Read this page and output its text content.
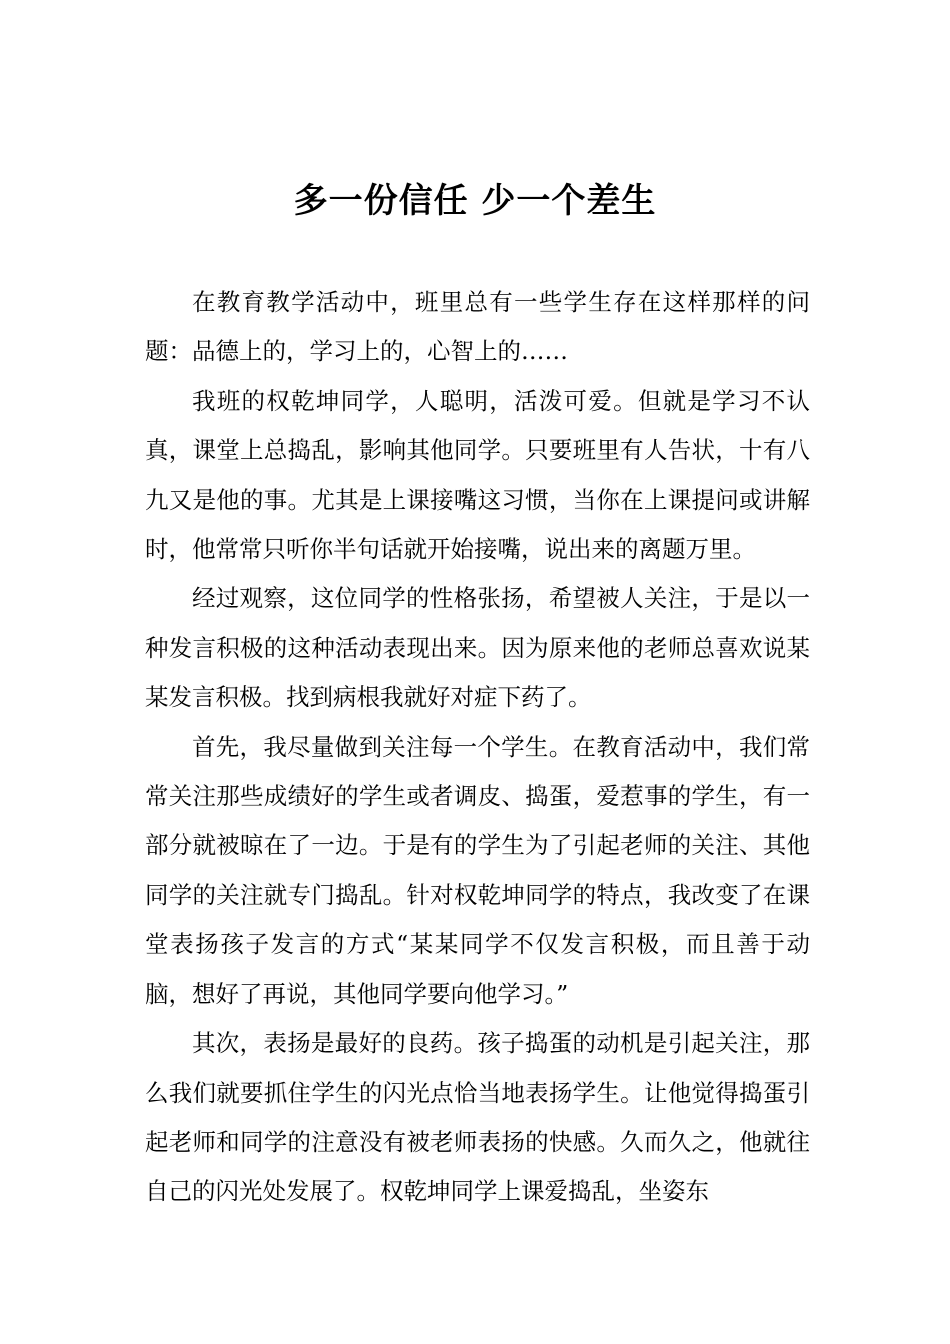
多一份信任 少一个差生

在教育教学活动中，班里总有一些学生存在这样那样的问题：品德上的，学习上的，心智上的……

我班的权乾坤同学，人聪明，活泼可爱。但就是学习不认真，课堂上总捣乱，影响其他同学。只要班里有人告状，十有八九又是他的事。尤其是上课接嘴这习惯，当你在上课提问或讲解时，他常常只听你半句话就开始接嘴，说出来的离题万里。

经过观察，这位同学的性格张扬，希望被人关注，于是以一种发言积极的这种活动表现出来。因为原来他的老师总喜欢说某某发言积极。找到病根我就好对症下药了。

首先，我尽量做到关注每一个学生。在教育活动中，我们常常关注那些成绩好的学生或者调皮、捣蛋，爱惹事的学生，有一部分就被晾在了一边。于是有的学生为了引起老师的关注、其他同学的关注就专门捣乱。针对权乾坤同学的特点，我改变了在课堂表扬孩子发言的方式“某某同学不仅发言积极，而且善于动脑，想好了再说，其他同学要向他学习。”

其次，表扬是最好的良药。孩子捣蛋的动机是引起关注，那么我们就要抓住学生的闪光点恰当地表扬学生。让他觉得捣蛋引起老师和同学的注意没有被老师表扬的快感。久而久之，他就往自己的闪光处发展了。权乾坤同学上课爱捣乱，坐姿东
